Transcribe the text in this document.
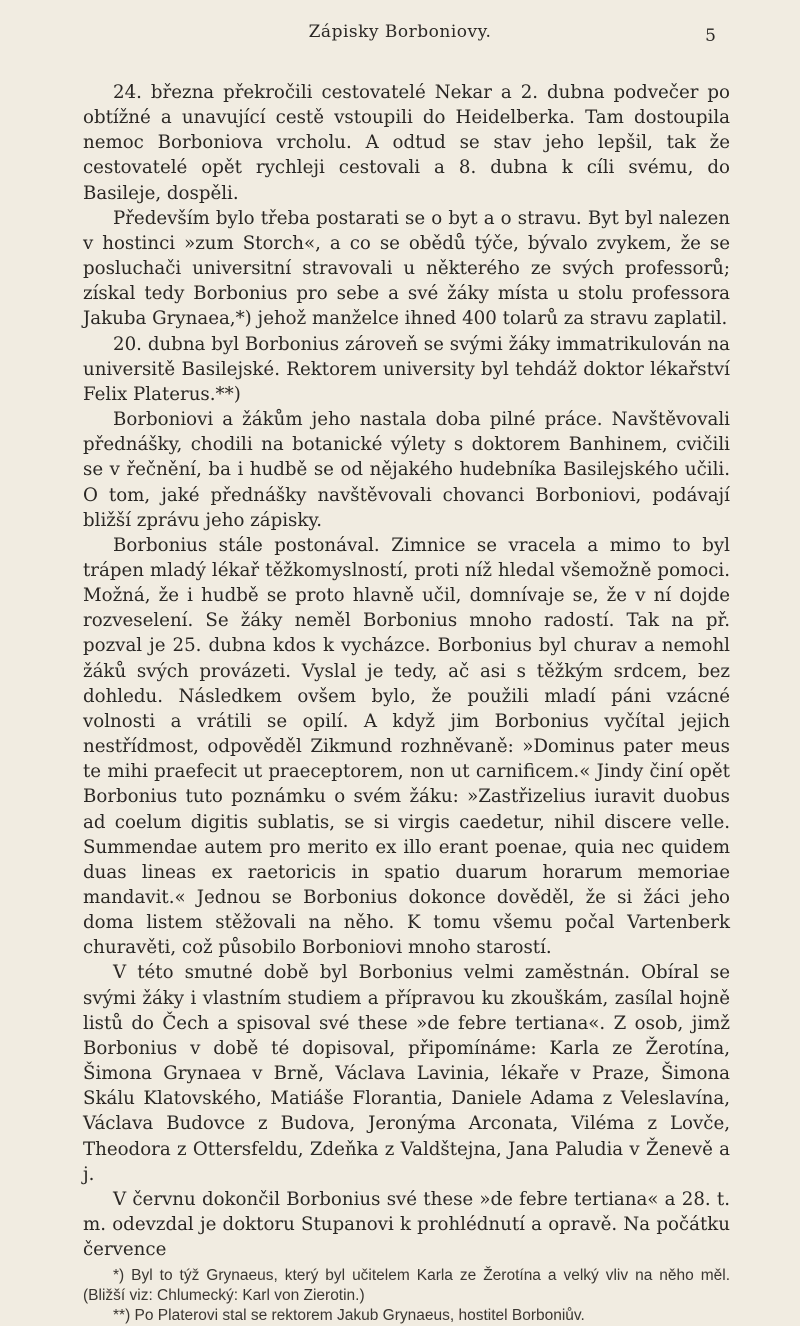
Zápisky Borboniovy.	5

24. března překročili cestovatelé Nekar a 2. dubna podvečer po obtížné a unavující cestě vstoupili do Heidelberka. Tam dostoupila nemoc Borboniova vrcholu. A odtud se stav jeho lepšil, tak že cestovatelé opět rychleji cestovali a 8. dubna k cíli svému, do Basileje, dospěli.

Především bylo třeba postarati se o byt a o stravu. Byt byl nalezen v hostinci »zum Storch«, a co se obědů týče, bývalo zvykem, že se posluchači universitní stravovali u některého ze svých professorů; získal tedy Borbonius pro sebe a své žáky místa u stolu professora Jakuba Grynaea,*) jehož manželce ihned 400 tolarů za stravu zaplatil.

20. dubna byl Borbonius zároveň se svými žáky immatrikulován na universitě Basilejské. Rektorem university byl tehdáž doktor lékařství Felix Platerus.**)

Borboniovi a žákům jeho nastala doba pilné práce. Navštěvovali přednášky, chodili na botanické výlety s doktorem Banhinem, cvičili se v řečnění, ba i hudbě se od nějakého hudebníka Basilejského učili. O tom, jaké přednášky navštěvovali chovanci Borboniovi, podávají bližší zprávu jeho zápisky.

Borbonius stále postonával. Zimnice se vracela a mimo to byl trápen mladý lékař těžkomyslností, proti níž hledal všemožně pomoci. Možná, že i hudbě se proto hlavně učil, domnívaje se, že v ní dojde rozveselení. Se žáky neměl Borbonius mnoho radostí. Tak na př. pozval je 25. dubna kdos k vycházce. Borbonius byl churav a nemohl žáků svých provázeti. Vyslal je tedy, ač asi s těžkým srdcem, bez dohledu. Následkem ovšem bylo, že použili mladí páni vzácné volnosti a vrátili se opilí. A když jim Borbonius vyčítal jejich nestřídmost, odpověděl Zikmund rozhněvaně: »Dominus pater meus te mihi praefecit ut praeceptorem, non ut carnificem.« Jindy činí opět Borbonius tuto poznámku o svém žáku: »Zastřizelius iuravit duobus ad coelum digitis sublatis, se si virgis caedetur, nihil discere velle. Summendae autem pro merito ex illo erant poenae, quia nec quidem duas lineas ex raetoricis in spatio duarum horarum memoriae mandavit.« Jednou se Borbonius dokonce dověděl, že si žáci jeho doma listem stěžovali na něho. K tomu všemu počal Vartenberk churavěti, což působilo Borboniovi mnoho starostí.

V této smutné době byl Borbonius velmi zaměstnán. Obíral se svými žáky i vlastním studiem a přípravou ku zkouškám, zasílal hojně listů do Čech a spisoval své these »de febre tertiana«. Z osob, jimž Borbonius v době té dopisoval, připomínáme: Karla ze Žerotína, Šimona Grynaea v Brně, Václava Lavinia, lékaře v Praze, Šimona Skálu Klatovského, Matiáše Florantia, Daniele Adama z Veleslavína, Václava Budovce z Budova, Jeronýma Arconata, Viléma z Lovče, Theodora z Ottersfeldu, Zdeňka z Valdštejna, Jana Paludia v Ženevě a j.

V červnu dokončil Borbonius své these »de febre tertiana« a 28. t. m. odevzdal je doktoru Stupanovi k prohlédnutí a opravě. Na počátku července

*) Byl to týž Grynaeus, který byl učitelem Karla ze Žerotína a velký vliv na něho měl. (Bližší viz: Chlumecký: Karl von Zierotin.)

**) Po Platerovi stal se rektorem Jakub Grynaeus, hostitel Borboniův.
